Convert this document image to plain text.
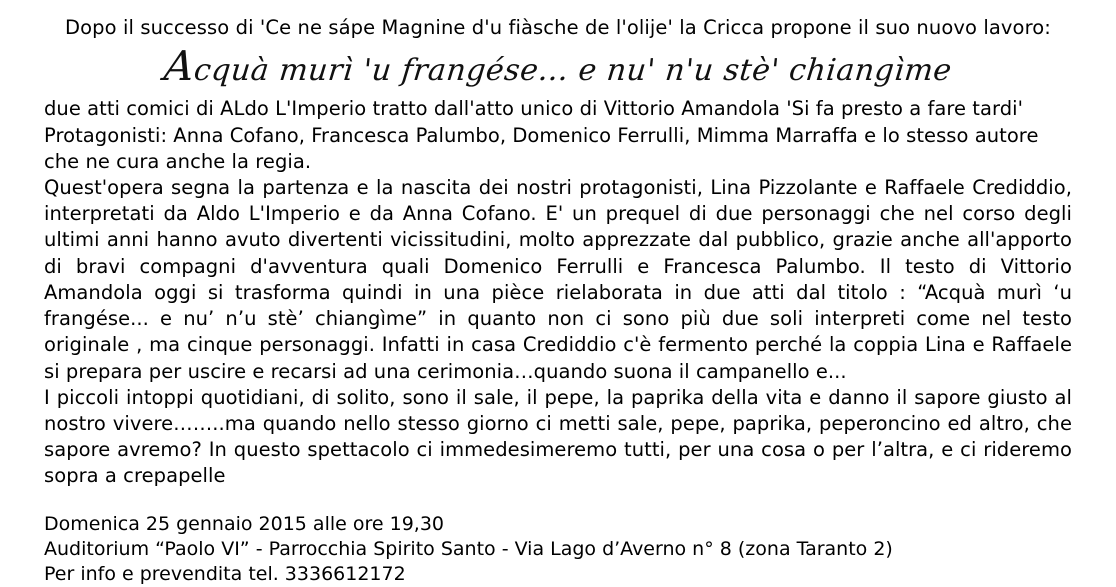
Dopo il successo di 'Ce ne sápe Magnine d'u fiàsche de l'olije' la Cricca propone il suo nuovo lavoro:
Acquà murì 'u frangése... e nu' n'u stè' chiangìme

due atti comici di ALdo L'Imperio tratto dall'atto unico di Vittorio Amandola 'Si fa presto a fare tardi' Protagonisti: Anna Cofano, Francesca Palumbo, Domenico Ferrulli, Mimma Marraffa e lo stesso autore che ne cura anche la regia.

Quest'opera segna la partenza e la nascita dei nostri protagonisti, Lina Pizzolante e Raffaele Crediddio, interpretati da Aldo L'Imperio e da Anna Cofano. E' un prequel di due personaggi che nel corso degli ultimi anni hanno avuto divertenti vicissitudini, molto apprezzate dal pubblico, grazie anche all'apporto di bravi compagni d'avventura quali Domenico Ferrulli e Francesca Palumbo. Il testo di Vittorio Amandola oggi si trasforma quindi in una pièce rielaborata in due atti dal titolo : “Acquà murì ‘u frangése... e nu’ n’u stè’ chiangìme” in quanto non ci sono più due soli interpreti come nel testo originale , ma cinque personaggi. Infatti in casa Crediddio c'è fermento perché la coppia Lina e Raffaele si prepara per uscire e recarsi ad una cerimonia…quando suona il campanello e...

I piccoli intoppi quotidiani, di solito, sono il sale, il pepe, la paprika della vita e danno il sapore giusto al nostro vivere……..ma quando nello stesso giorno ci metti sale, pepe, paprika, peperoncino ed altro, che sapore avremo? In questo spettacolo ci immedesimeremo tutti, per una cosa o per l’altra, e ci rideremo sopra a crepapelle

Domenica 25 gennaio 2015 alle ore 19,30
Auditorium “Paolo VI” - Parrocchia Spirito Santo - Via Lago d’Averno n° 8 (zona Taranto 2)
Per info e prevendita tel. 3336612172
